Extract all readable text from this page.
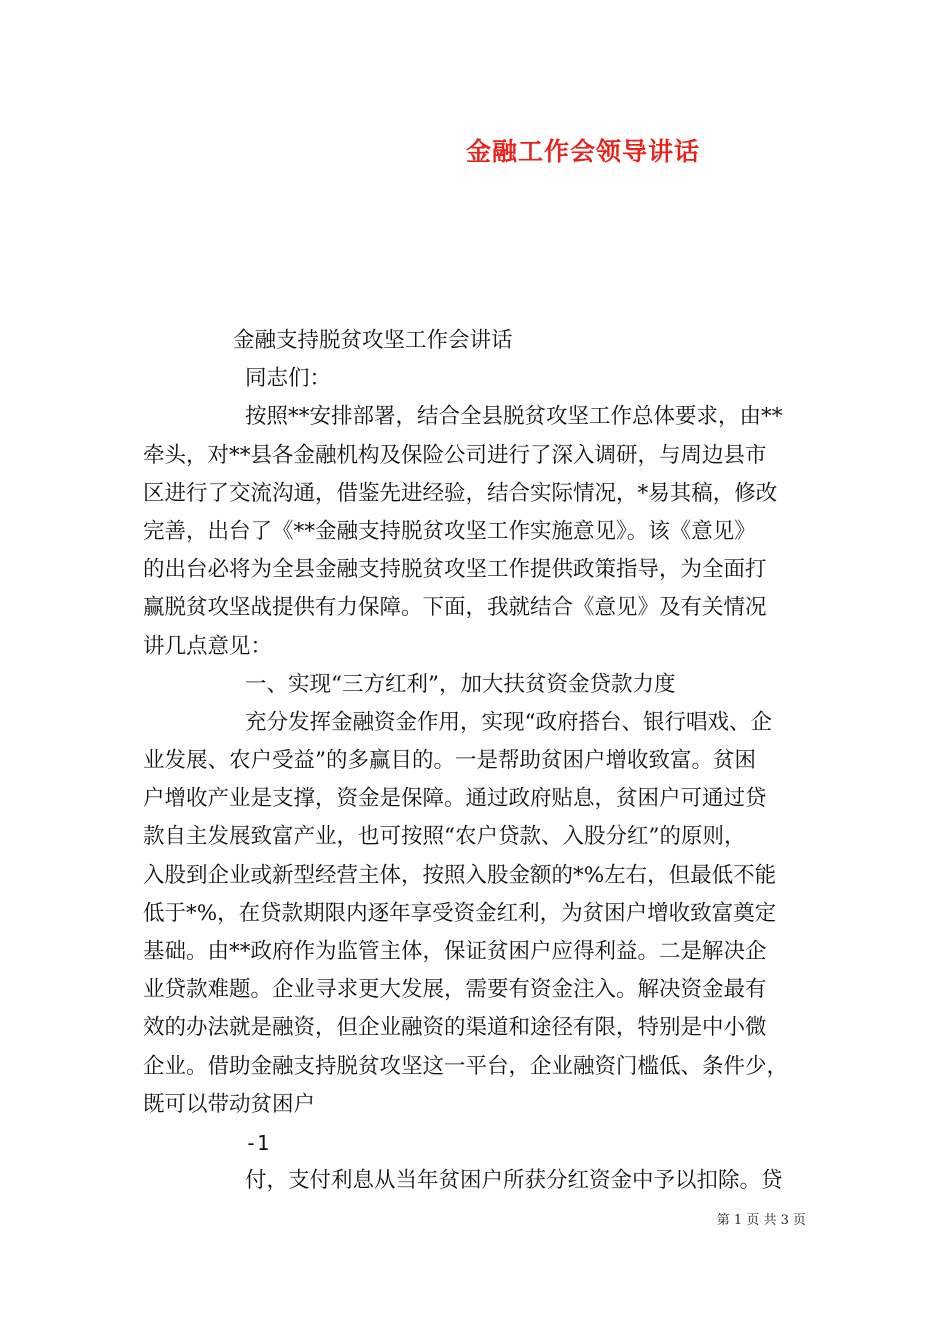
金融工作会领导讲话
金融支持脱贫攻坚工作会讲话
同志们：
按照**安排部署，结合全县脱贫攻坚工作总体要求，由**
牵头，对**县各金融机构及保险公司进行了深入调研，与周边县市
区进行了交流沟通，借鉴先进经验，结合实际情况，*易其稿，修改
完善，出台了《**金融支持脱贫攻坚工作实施意见》。该《意见》
的出台必将为全县金融支持脱贫攻坚工作提供政策指导，为全面打
赢脱贫攻坚战提供有力保障。下面，我就结合《意见》及有关情况
讲几点意见：
一、实现“三方红利”，加大扶贫资金贷款力度
充分发挥金融资金作用，实现“政府搭台、银行唱戏、企
业发展、农户受益”的多赢目的。一是帮助贫困户增收致富。贫困
户增收产业是支撑，资金是保障。通过政府贴息，贫困户可通过贷
款自主发展致富产业，也可按照“农户贷款、入股分红”的原则，
入股到企业或新型经营主体，按照入股金额的*%左右，但最低不能
低于*%，在贷款期限内逐年享受资金红利，为贫困户增收致富奠定
基础。由**政府作为监管主体，保证贫困户应得利益。二是解决企
业贷款难题。企业寻求更大发展，需要有资金注入。解决资金最有
效的办法就是融资，但企业融资的渠道和途径有限，特别是中小微
企业。借助金融支持脱贫攻坚这一平台，企业融资门槛低、条件少，
既可以带动贫困户
-1
付，支付利息从当年贫困户所获分红资金中予以扣除。贷
第 1 页 共 3 页
